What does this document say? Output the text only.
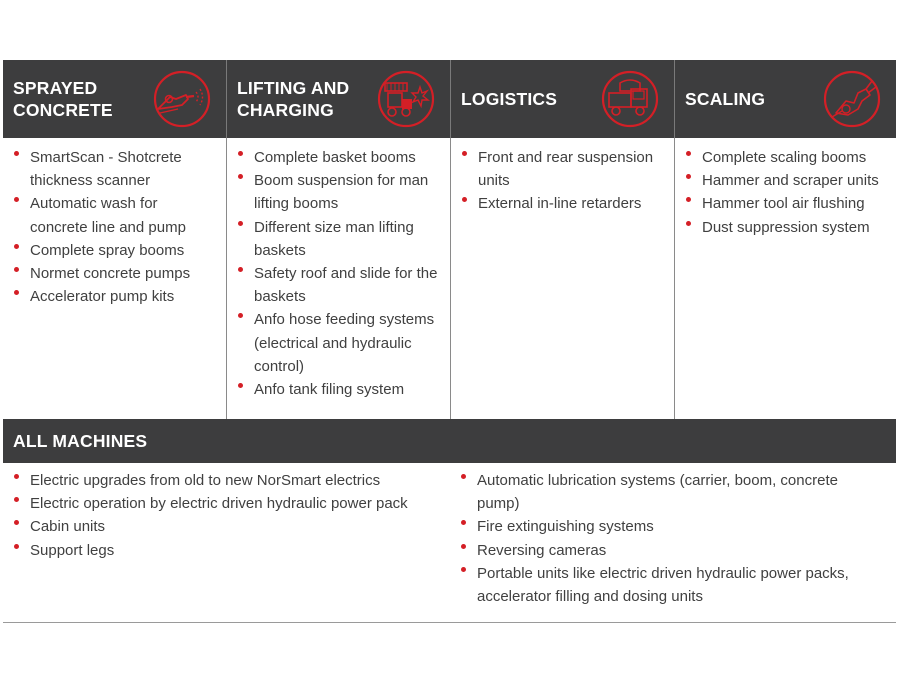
SPRAYED CONCRETE
LIFTING AND CHARGING
LOGISTICS	SCALING
SmartScan - Shotcrete thickness scanner
Automatic wash for concrete line and pump
Complete spray booms
Normet concrete pumps
Accelerator pump kits
Complete basket booms
Boom suspension for man lifting booms
Different size man lifting baskets
Safety roof and slide for the baskets
Anfo hose feeding systems (electrical and hydraulic control)
Anfo tank filing system
Front and rear suspension units
External in-line retarders
Complete scaling booms
Hammer and scraper units
Hammer tool air flushing
Dust suppression system
ALL MACHINES
Electric upgrades from old to new NorSmart electrics
Electric operation by electric driven hydraulic power pack
Cabin units
Support legs
Automatic lubrication systems (carrier, boom, concrete pump)
Fire extinguishing systems
Reversing cameras
Portable units like electric driven hydraulic power packs, accelerator filling and dosing units
